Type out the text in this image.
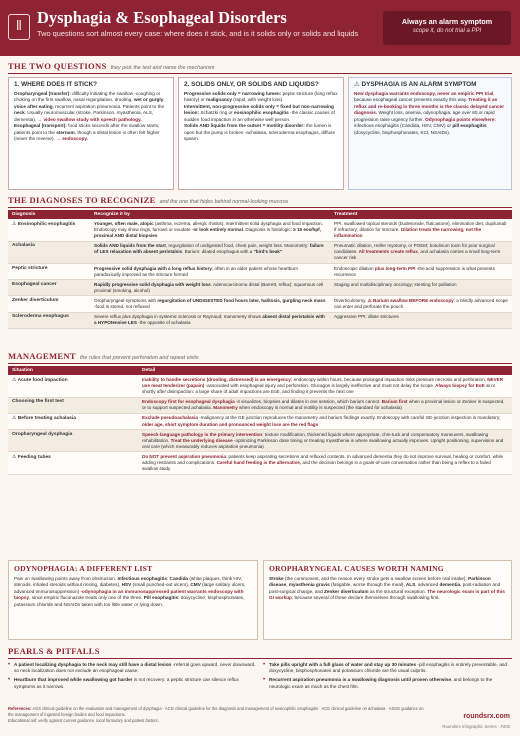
Ⅱ Dysphagia & Esophageal Disorders
Two questions sort almost every case: where does it stick, and is it solids only or solids and liquids
Always an alarm symptom
scope it, do not trial a PPI
THE TWO QUESTIONS they pick the test and name the mechanism
1. WHERE DOES IT STICK?

Oropharyngeal (transfer): difficulty initiating the swallow -coughing or choking on the first swallow, nasal regurgitation, drooling, wet or gurgly voice after eating, recurrent aspiration pneumonia. Patients point to the neck. Usually neuromuscular (stroke, Parkinson, myasthenia, ALS, dementia). → video swallow study with speech pathology.
Esophageal (transport): food sticks seconds after the swallow starts; patients point to the sternum, though a distal lesion is often felt higher (never the reverse). → endoscopy.

2. SOLIDS ONLY, OR SOLIDS AND LIQUIDS?

Progressive solids only = narrowing lumen: peptic stricture (long reflux history) or malignancy (rapid, with weight loss).
Intermittent, non-progressive solids only = fixed but non-narrowing lesion: Schatzki ring or eosinophilic esophagitis -the classic causes of sudden food impaction in an otherwise well person.
Solids AND liquids from the outset = motility disorder: the lumen is open but the pump is broken -achalasia, scleroderma esophagus, diffuse spasm.

⚠ DYSPHAGIA IS AN ALARM SYMPTOM

New dysphagia warrants endoscopy, never an empiric PPI trial, because esophageal cancer presents exactly this way. Treating it as reflux and re-booking in three months is the classic delayed cancer diagnosis. Weight loss, anemia, odynophagia, age over 60 or rapid progression raise urgency further. Odynophagia points elsewhere: infectious esophagitis (Candida, HSV, CMV) or pill esophagitis (doxycycline, bisphosphonates, KCl, NSAIDs).

THE DIAGNOSES TO RECOGNIZE and the one that hides behind normal-looking mucosa
Diagnosis	Recognize it by	Treatment
⚠ Eosinophilic esophagitis	Younger, often male, atopic (asthma, eczema, allergic rhinitis); intermittent solid dysphagia and food impaction. Endoscopy may show rings, furrows or exudate -or look entirely normal. Diagnosis is histologic: ≥ 15 eos/hpf, proximal AND distal biopsies	PPI, swallowed topical steroids (budesonide, fluticasone), elimination diet, dupilumab if refractory; dilation for stricture. Dilation treats the narrowing, not the inflammation
Achalasia	Solids AND liquids from the start, regurgitation of undigested food, chest pain, weight loss. Manometry: failure of LES relaxation with absent peristalsis. Barium: dilated esophagus with a "bird's beak"	Pneumatic dilation, Heller myotomy, or POEM; botulinum toxin for poor surgical candidates. All treatments create reflux, and achalasia carries a small long-term cancer risk
Peptic stricture	Progressive solid dysphagia with a long reflux history, often in an older patient whose heartburn paradoxically improved as the stricture formed	Endoscopic dilation plus long-term PPI -the acid suppression is what prevents recurrence
Esophageal cancer	Rapidly progressive solid dysphagia with weight loss. Adenocarcinoma distal (Barrett, reflux); squamous cell proximal (smoking, alcohol)	Staging and multidisciplinary oncology; stenting for palliation
Zenker diverticulum	Oropharyngeal symptoms with regurgitation of UNDIGESTED food hours later, halitosis, gurgling neck mass -food is stored, not refluxed	Diverticulotomy. ⚠ Barium swallow BEFORE endoscopy: a blindly advanced scope can enter and perforate the pouch
Scleroderma esophagus	Severe reflux plus dysphagia in systemic sclerosis or Raynaud; manometry shows absent distal peristalsis with a HYPOtensive LES -the opposite of achalasia	Aggressive PPI; dilate strictures
MANAGEMENT the rules that prevent perforation and repeat visits
Situation	Detail
⚠ Acute food impaction	Inability to handle secretions (drooling, distressed) is an emergency: endoscopy within hours, because prolonged impaction risks pressure necrosis and perforation. NEVER use meat tenderizer (papain) -associated with esophageal injury and perforation. Glucagon is largely ineffective and must not delay the scope. Always biopsy for EoE at or shortly after disimpaction: a large share of adult impactions are EoE, and finding it prevents the next one
Choosing the first test	Endoscopy first for esophageal dysphagia -it visualizes, biopsies and dilates in one session, which barium cannot. Barium first when a proximal lesion or Zenker is suspected, or to support suspected achalasia. Manometry when endoscopy is normal and motility is suspected (the standard for achalasia)
⚠ Before treating achalasia	Exclude pseudoachalasia -malignancy at the GE junction reproduces the manometry and barium findings exactly. Endoscopy with careful GE-junction inspection is mandatory; older age, short symptom duration and pronounced weight loss are the red flags
Oropharyngeal dysphagia	Speech-language pathology is the primary intervention: texture modification, thickened liquids where appropriate, chin-tuck and compensatory maneuvers, swallowing rehabilitation. Treat the underlying disease -optimizing Parkinson dose timing or treating myasthenia is where swallowing actually improves. Upright positioning, supervision and oral care (which measurably reduces aspiration pneumonia)
⚠ Feeding tubes	Do NOT prevent aspiration pneumonia: patients keep aspirating secretions and refluxed contents. In advanced dementia they do not improve survival, healing or comfort, while adding restraints and complications. Careful hand feeding is the alternative, and the decision belongs in a goals-of-care conversation rather than being a reflex to a failed swallow study
ODYNOPHAGIA: A DIFFERENT LIST

Pain on swallowing points away from obstruction. Infectious esophagitis: Candida (white plaques, think HIV, steroids, inhaled steroids without rinsing, diabetes), HSV (small punched-out ulcers), CMV (large solitary ulcers, advanced immunosuppression) -odynophagia in an immunosuppressed patient warrants endoscopy with biopsy, since empiric fluconazole treats only one of the three. Pill esophagitis: doxycycline, bisphosphonates, potassium chloride and NSAIDs taken with too little water or lying down.

OROPHARYNGEAL CAUSES WORTH NAMING

Stroke (the commonest, and the reason every stroke gets a swallow screen before oral intake), Parkinson disease, myasthenia gravis (fatigable, worse through the meal), ALS, advanced dementia, post-radiation and post-surgical change, and Zenker diverticulum as the structural exception. The neurologic exam is part of this GI workup, because several of these declare themselves through swallowing first.

PEARLS & PITFALLS
• A patient localizing dysphagia to the neck may still have a distal lesion -referral goes upward, never downward, so neck localization does not exclude an esophageal cause.
• Heartburn that improved while swallowing got harder is not recovery: a peptic stricture can silence reflux symptoms as it narrows.
• Take pills upright with a full glass of water and stay up 30 minutes -pill esophagitis is entirely preventable, and doxycycline, bisphosphonates and potassium chloride are the usual culprits.
• Recurrent aspiration pneumonia is a swallowing diagnosis until proven otherwise, and belongs to the neurologic exam as much as the chest film.
References: AGS clinical guideline on the evaluation and management of dysphagia · ACG clinical guideline for the diagnosis and management of eosinophilic esophagitis · ACG clinical guideline on achalasia · ASGE guidance on the management of ingested foreign bodies and food impactions.
Educational aid: verify against current guidance, local formulary and patient factors.
roundsrx.com
Roundsrx Infographic Series · #202
